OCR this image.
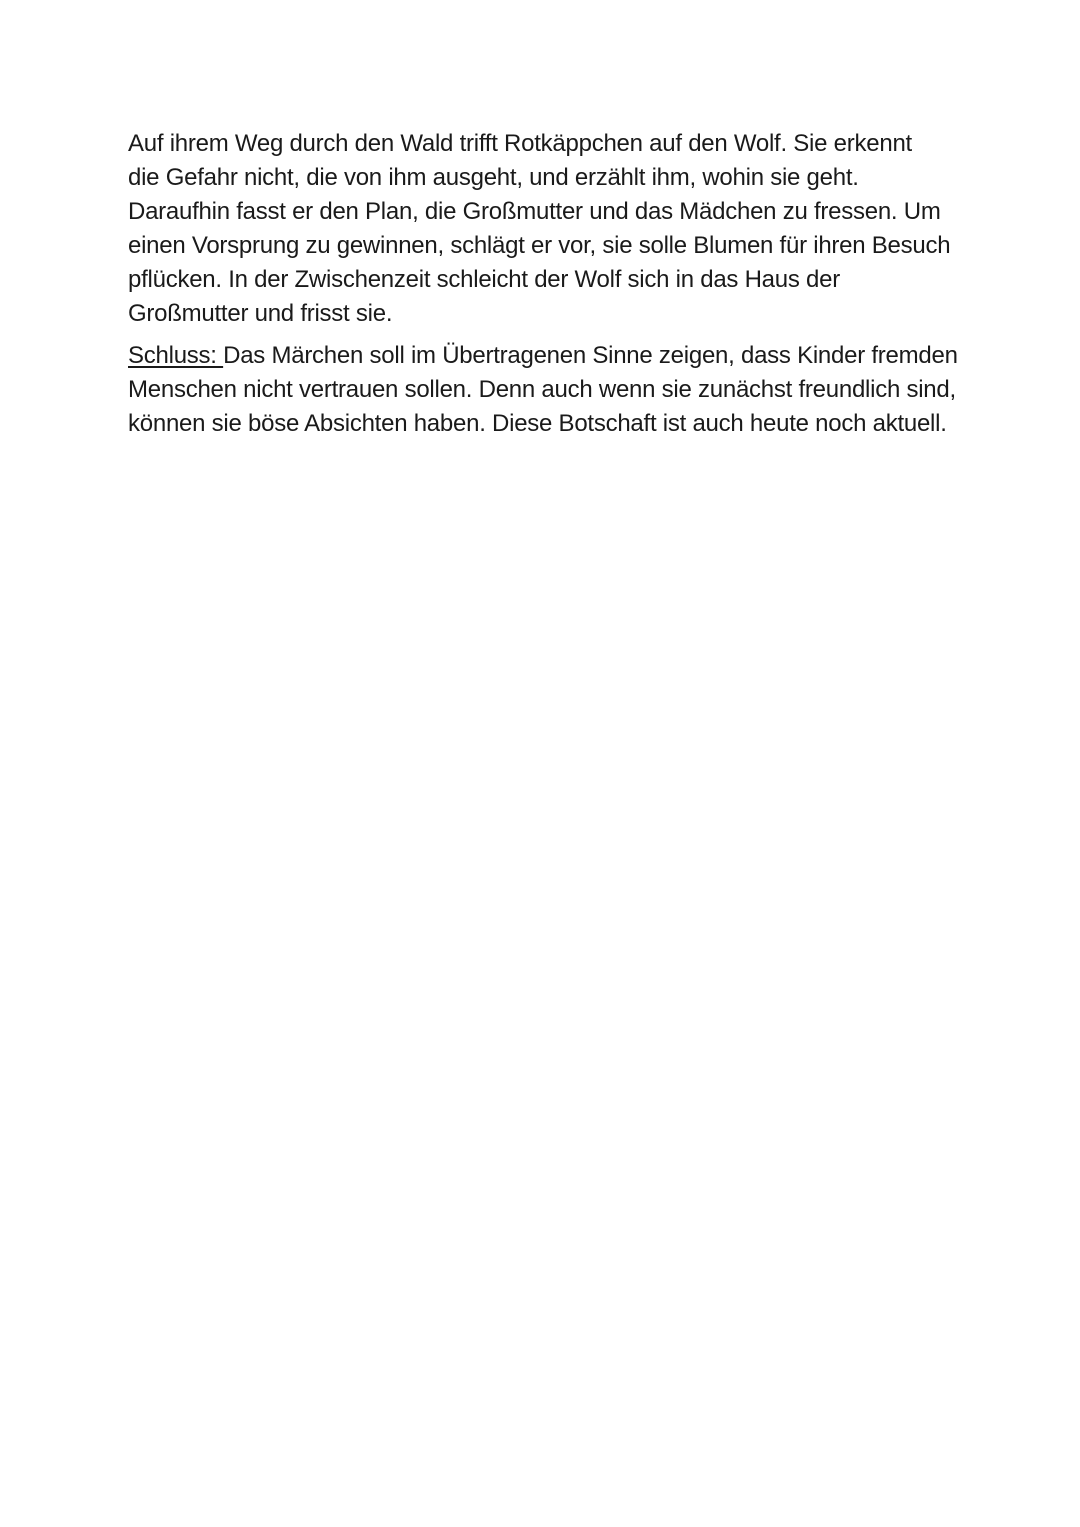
Auf ihrem Weg durch den Wald trifft Rotkäppchen auf den Wolf. Sie erkennt
die Gefahr nicht, die von ihm ausgeht, und erzählt ihm, wohin sie geht.
Daraufhin fasst er den Plan, die Großmutter und das Mädchen zu fressen. Um
einen Vorsprung zu gewinnen, schlägt er vor, sie solle Blumen für ihren Besuch
pflücken. In der Zwischenzeit schleicht der Wolf sich in das Haus der
Großmutter und frisst sie.
Schluss: Das Märchen soll im Übertragenen Sinne zeigen, dass Kinder fremden
Menschen nicht vertrauen sollen. Denn auch wenn sie zunächst freundlich sind,
können sie böse Absichten haben. Diese Botschaft ist auch heute noch aktuell.
